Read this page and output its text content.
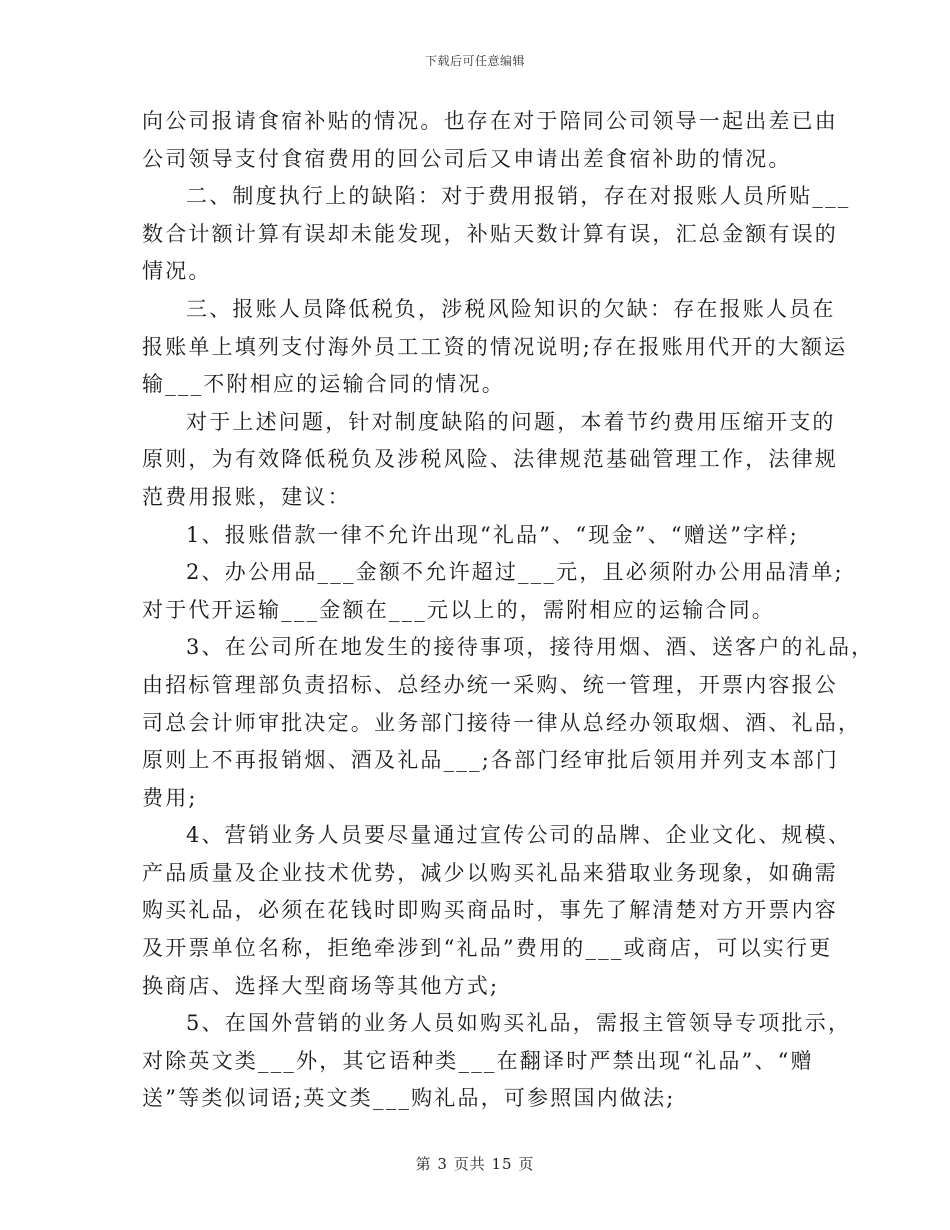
下载后可任意编辑
向公司报请食宿补贴的情况。也存在对于陪同公司领导一起出差已由
公司领导支付食宿费用的回公司后又申请出差食宿补助的情况。
二、制度执行上的缺陷：对于费用报销，存在对报账人员所贴___
数合计额计算有误却未能发现，补贴天数计算有误，汇总金额有误的
情况。
三、报账人员降低税负，涉税风险知识的欠缺：存在报账人员在
报账单上填列支付海外员工工资的情况说明;存在报账用代开的大额运
输___不附相应的运输合同的情况。
对于上述问题，针对制度缺陷的问题，本着节约费用压缩开支的
原则，为有效降低税负及涉税风险、法律规范基础管理工作，法律规
范费用报账，建议：
1、报账借款一律不允许出现“礼品”、“现金”、“赠送”字样;
2、办公用品___金额不允许超过___元，且必须附办公用品清单;
对于代开运输___金额在___元以上的，需附相应的运输合同。
3、在公司所在地发生的接待事项，接待用烟、酒、送客户的礼品，
由招标管理部负责招标、总经办统一采购、统一管理，开票内容报公
司总会计师审批决定。业务部门接待一律从总经办领取烟、酒、礼品，
原则上不再报销烟、酒及礼品___;各部门经审批后领用并列支本部门
费用;
4、营销业务人员要尽量通过宣传公司的品牌、企业文化、规模、
产品质量及企业技术优势，减少以购买礼品来猎取业务现象，如确需
购买礼品，必须在花钱时即购买商品时，事先了解清楚对方开票内容
及开票单位名称，拒绝牵涉到“礼品”费用的___或商店，可以实行更
换商店、选择大型商场等其他方式;
5、在国外营销的业务人员如购买礼品，需报主管领导专项批示，
对除英文类___外，其它语种类___在翻译时严禁出现“礼品”、“赠
送”等类似词语;英文类___购礼品，可参照国内做法;
第 3 页共 15 页
